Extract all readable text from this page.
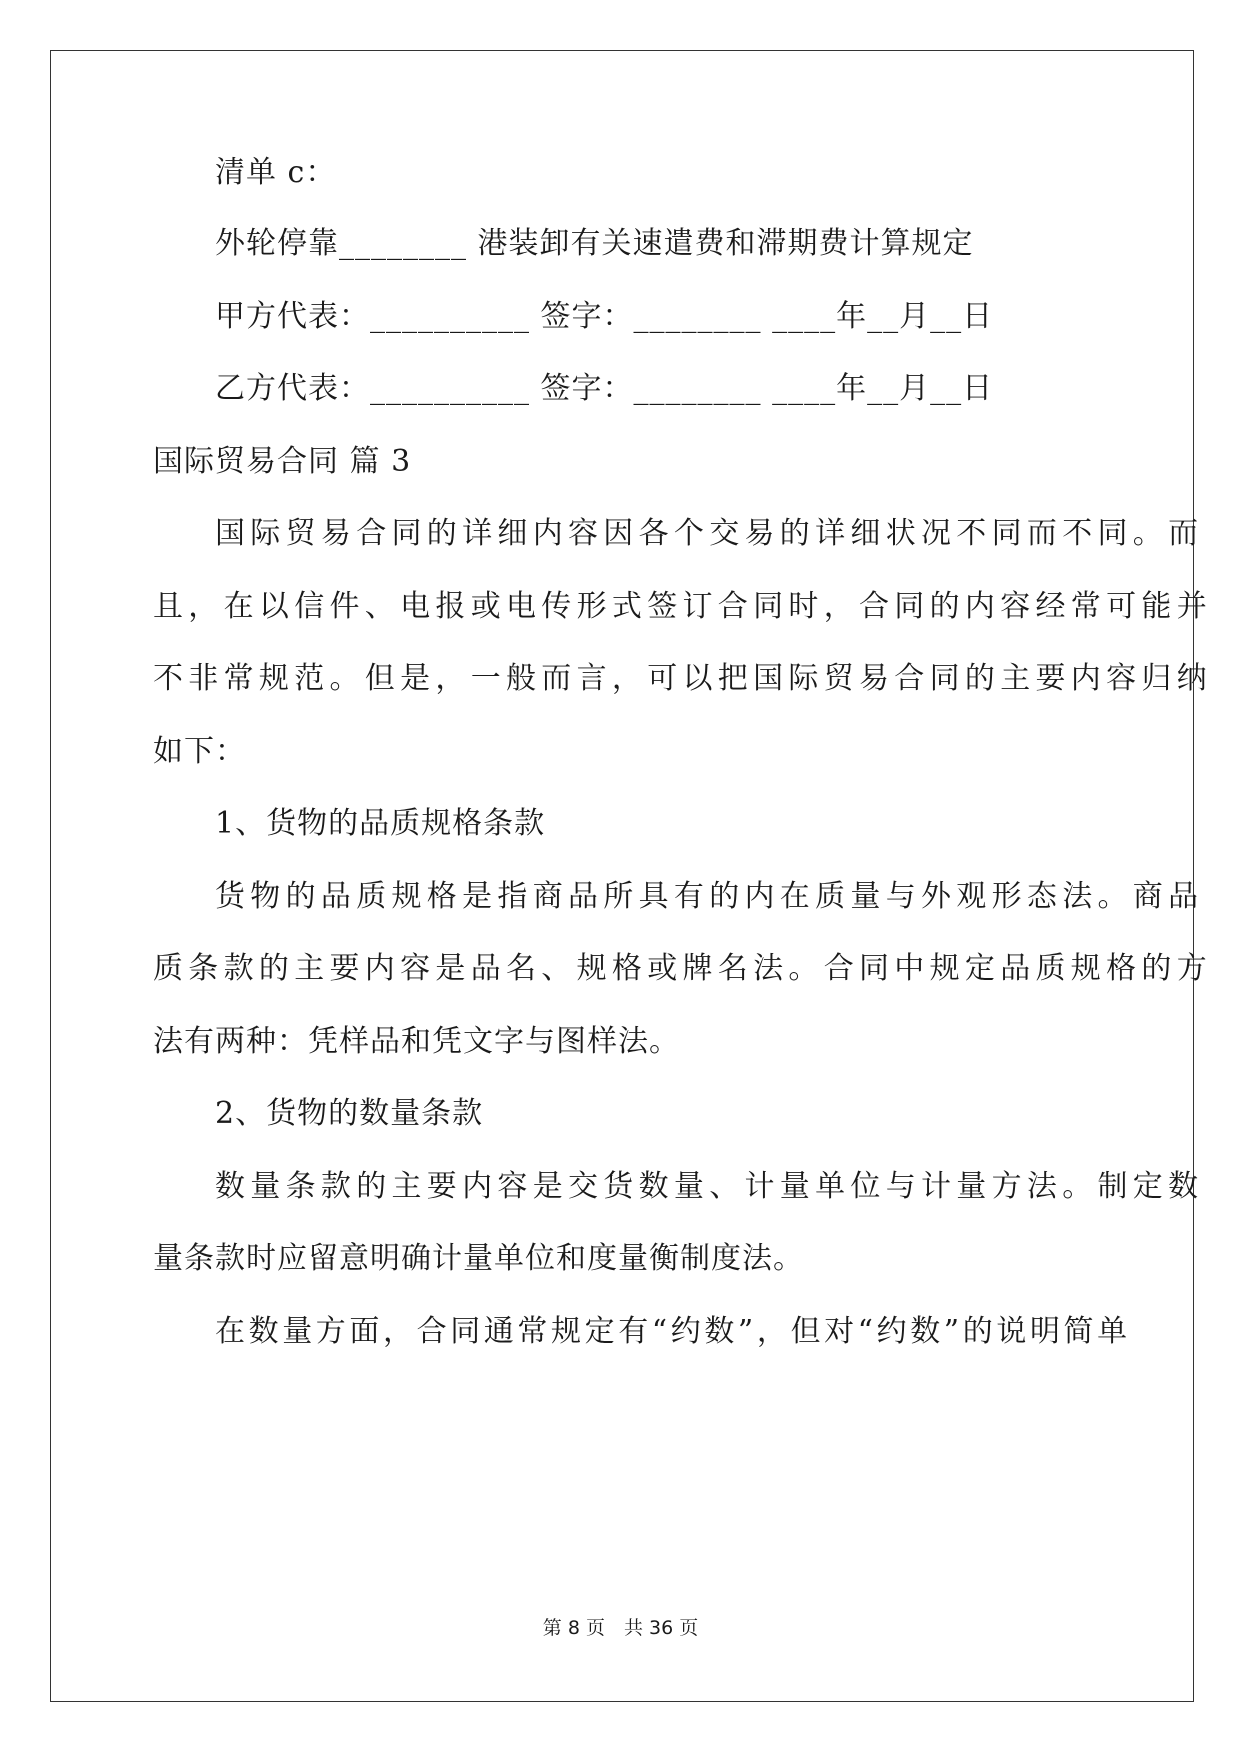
清单 c：
外轮停靠________ 港装卸有关速遣费和滞期费计算规定
甲方代表：__________ 签字：________ ____年__月__日
乙方代表：__________ 签字：________ ____年__月__日
国际贸易合同 篇 3
国际贸易合同的详细内容因各个交易的详细状况不同而不同。而
且，在以信件、电报或电传形式签订合同时，合同的内容经常可能并
不非常规范。但是，一般而言，可以把国际贸易合同的主要内容归纳
如下：
1、货物的品质规格条款
货物的品质规格是指商品所具有的内在质量与外观形态法。商品
质条款的主要内容是品名、规格或牌名法。合同中规定品质规格的方
法有两种：凭样品和凭文字与图样法。
2、货物的数量条款
数量条款的主要内容是交货数量、计量单位与计量方法。制定数
量条款时应留意明确计量单位和度量衡制度法。
在数量方面，合同通常规定有“约数”，但对“约数”的说明简单
第 8 页　共 36 页
